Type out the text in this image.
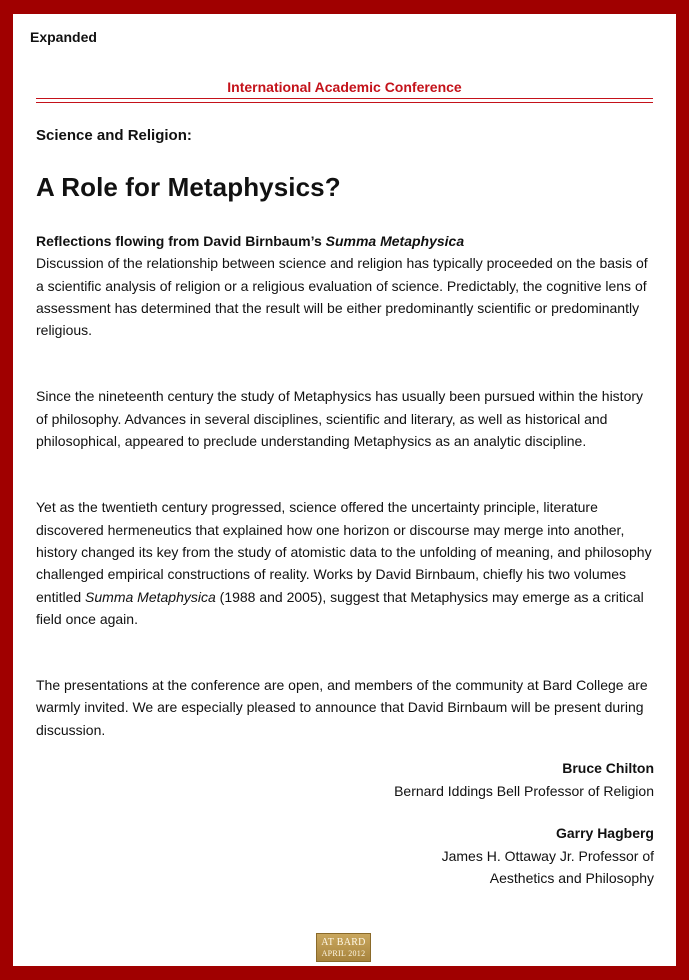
Expanded
International Academic Conference
Science and Religion:
A Role for Metaphysics?

Reflections flowing from David Birnbaum’s Summa Metaphysica
Discussion of the relationship between science and religion has typically proceeded on the basis of a scientific analysis of religion or a religious evaluation of science. Predictably, the cognitive lens of assessment has determined that the result will be either predominantly scientific or predominantly religious.

Since the nineteenth century the study of Metaphysics has usually been pursued within the history of philosophy. Advances in several disciplines, scientific and literary, as well as historical and philosophical, appeared to preclude understanding Metaphysics as an analytic discipline.

Yet as the twentieth century progressed, science offered the uncertainty principle, literature discovered hermeneutics that explained how one horizon or discourse may merge into another, history changed its key from the study of atomistic data to the unfolding of meaning, and philosophy challenged empirical constructions of reality. Works by David Birnbaum, chiefly his two volumes entitled Summa Metaphysica (1988 and 2005), suggest that Metaphysics may emerge as a critical field once again.

The presentations at the conference are open, and members of the community at Bard College are warmly invited. We are especially pleased to announce that David Birnbaum will be present during discussion.

Bruce Chilton
Bernard Iddings Bell Professor of Religion
Garry Hagberg
James H. Ottaway Jr. Professor of
Aesthetics and Philosophy
AT BARD
APRIL 2012
